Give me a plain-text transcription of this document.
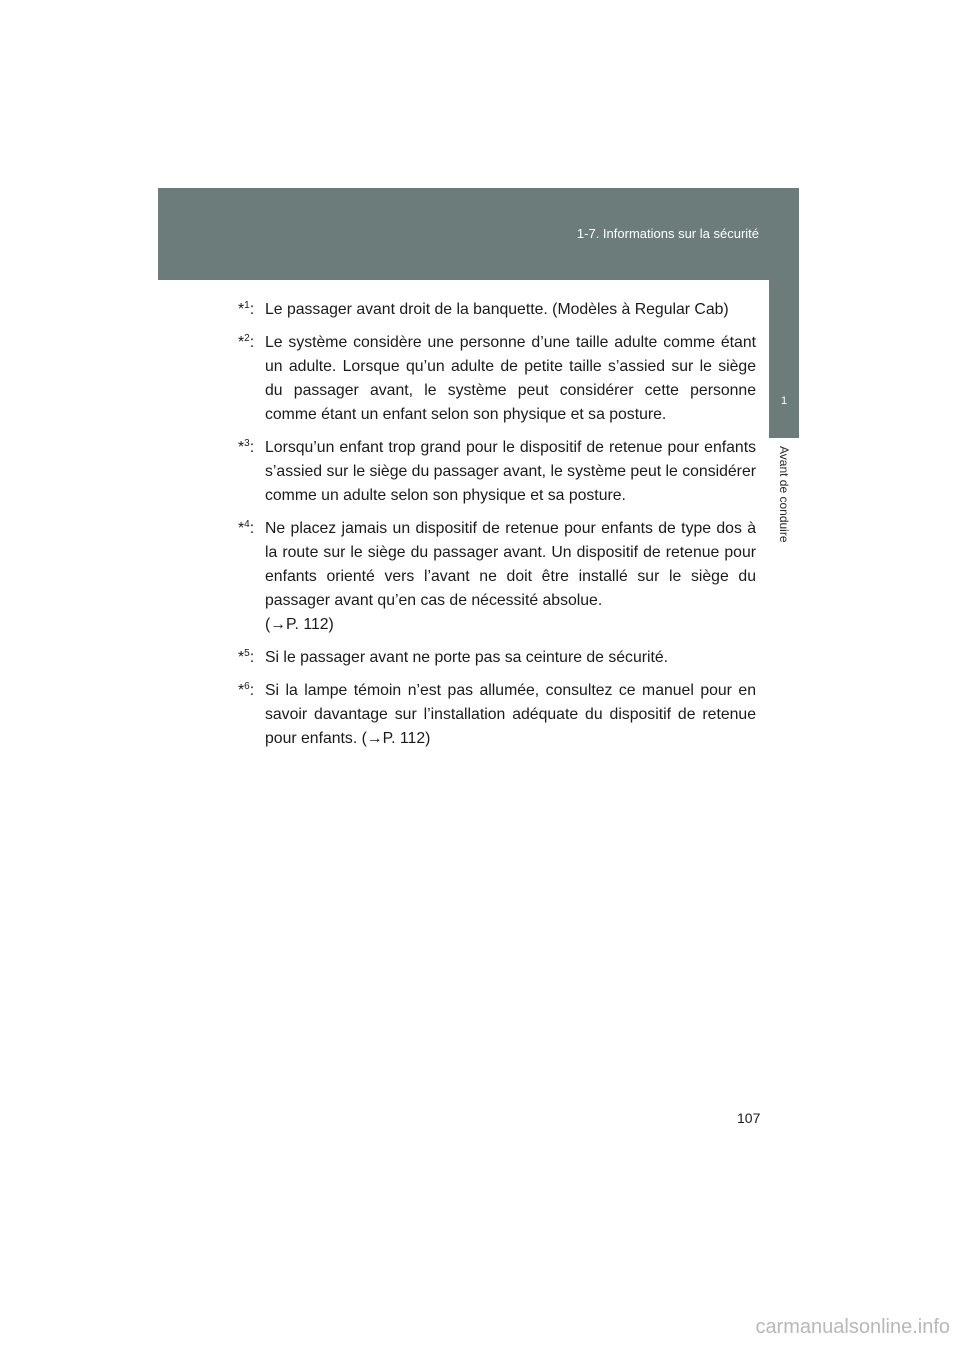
1-7. Informations sur la sécurité
1
Avant de conduire
*$^1$: Le passager avant droit de la banquette. (Modèles à Regular Cab)
*$^2$: Le système considère une personne d’une taille adulte comme étant un adulte. Lorsque qu’un adulte de petite taille s’assied sur le siège du passager avant, le système peut considérer cette personne comme étant un enfant selon son physique et sa posture.
*$^3$: Lorsqu’un enfant trop grand pour le dispositif de retenue pour enfants s’assied sur le siège du passager avant, le système peut le considérer comme un adulte selon son physique et sa posture.
*$^4$: Ne placez jamais un dispositif de retenue pour enfants de type dos à la route sur le siège du passager avant. Un dispositif de retenue pour enfants orienté vers l’avant ne doit être installé sur le siège du passager avant qu’en cas de nécessité absolue.
(→P. 112)
*$^5$: Si le passager avant ne porte pas sa ceinture de sécurité.
*$^6$: Si la lampe témoin n’est pas allumée, consultez ce manuel pour en savoir davantage sur l’installation adéquate du dispositif de retenue pour enfants. (→P. 112)
107
carmanualsonline.info
